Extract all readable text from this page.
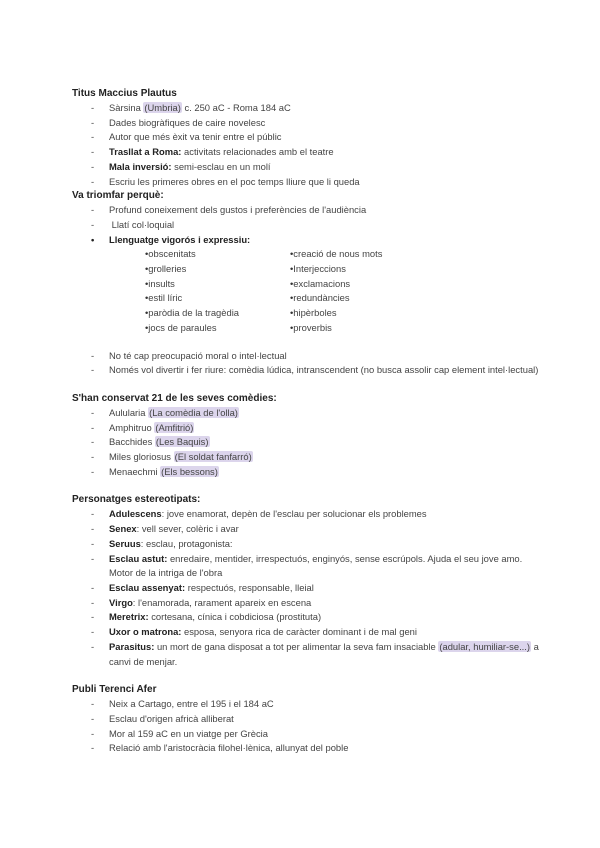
Titus Maccius Plautus
- Sàrsina (Umbria) c. 250 aC - Roma 184 aC
- Dades biogràfiques de caire novelesc
- Autor que més èxit va tenir entre el públic
- Trasllat a Roma: activitats relacionades amb el teatre
- Mala inversió: semi-esclau en un molí
- Escriu les primeres obres en el poc temps lliure que li queda
Va triomfar perquè:
- Profund coneixement dels gustos i preferències de l'audiència
- Llatí col·loquial
• Llenguatge vigorós i expressiu:
• obscenitats
• grolleries
• insults
• estil líric
• paròdia de la tragèdia
• jocs de paraules
• creació de nous mots
• Interjeccions
• exclamacions
• redundàncies
• hipèrboles
• proverbis
- No té cap preocupació moral o intel·lectual
- Només vol divertir i fer riure: comèdia lúdica, intranscendent (no busca assolir cap element intel·lectual)
S'han conservat 21 de les seves comèdies:
- Aulularia (La comèdia de l'olla)
- Amphitruo (Amfitrió)
- Bacchides (Les Baquis)
- Miles gloriosus (El soldat fanfarró)
- Menaechmi (Els bessons)
Personatges estereotipats:
- Adulescens: jove enamorat, depèn de l'esclau per solucionar els problemes
- Senex: vell sever, colèric i avar
- Seruus: esclau, protagonista:
- Esclau astut: enredaire, mentider, irrespectuós, enginyós, sense escrúpols. Ajuda el seu jove amo. Motor de la intriga de l'obra
- Esclau assenyat: respectuós, responsable, lleial
- Virgo: l'enamorada, rarament apareix en escena
- Meretrix: cortesana, cínica i cobdiciosa (prostituta)
- Uxor o matrona: esposa, senyora rica de caràcter dominant i de mal geni
- Parasitus: un mort de gana disposat a tot per alimentar la seva fam insaciable (adular, humiliar-se...) a canvi de menjar.
Publi Terenci Afer
- Neix a Cartago, entre el 195 i el 184 aC
- Esclau d'origen africà alliberat
- Mor al 159 aC en un viatge per Grècia
- Relació amb l'aristocràcia filohel·lènica, allunyat del poble
